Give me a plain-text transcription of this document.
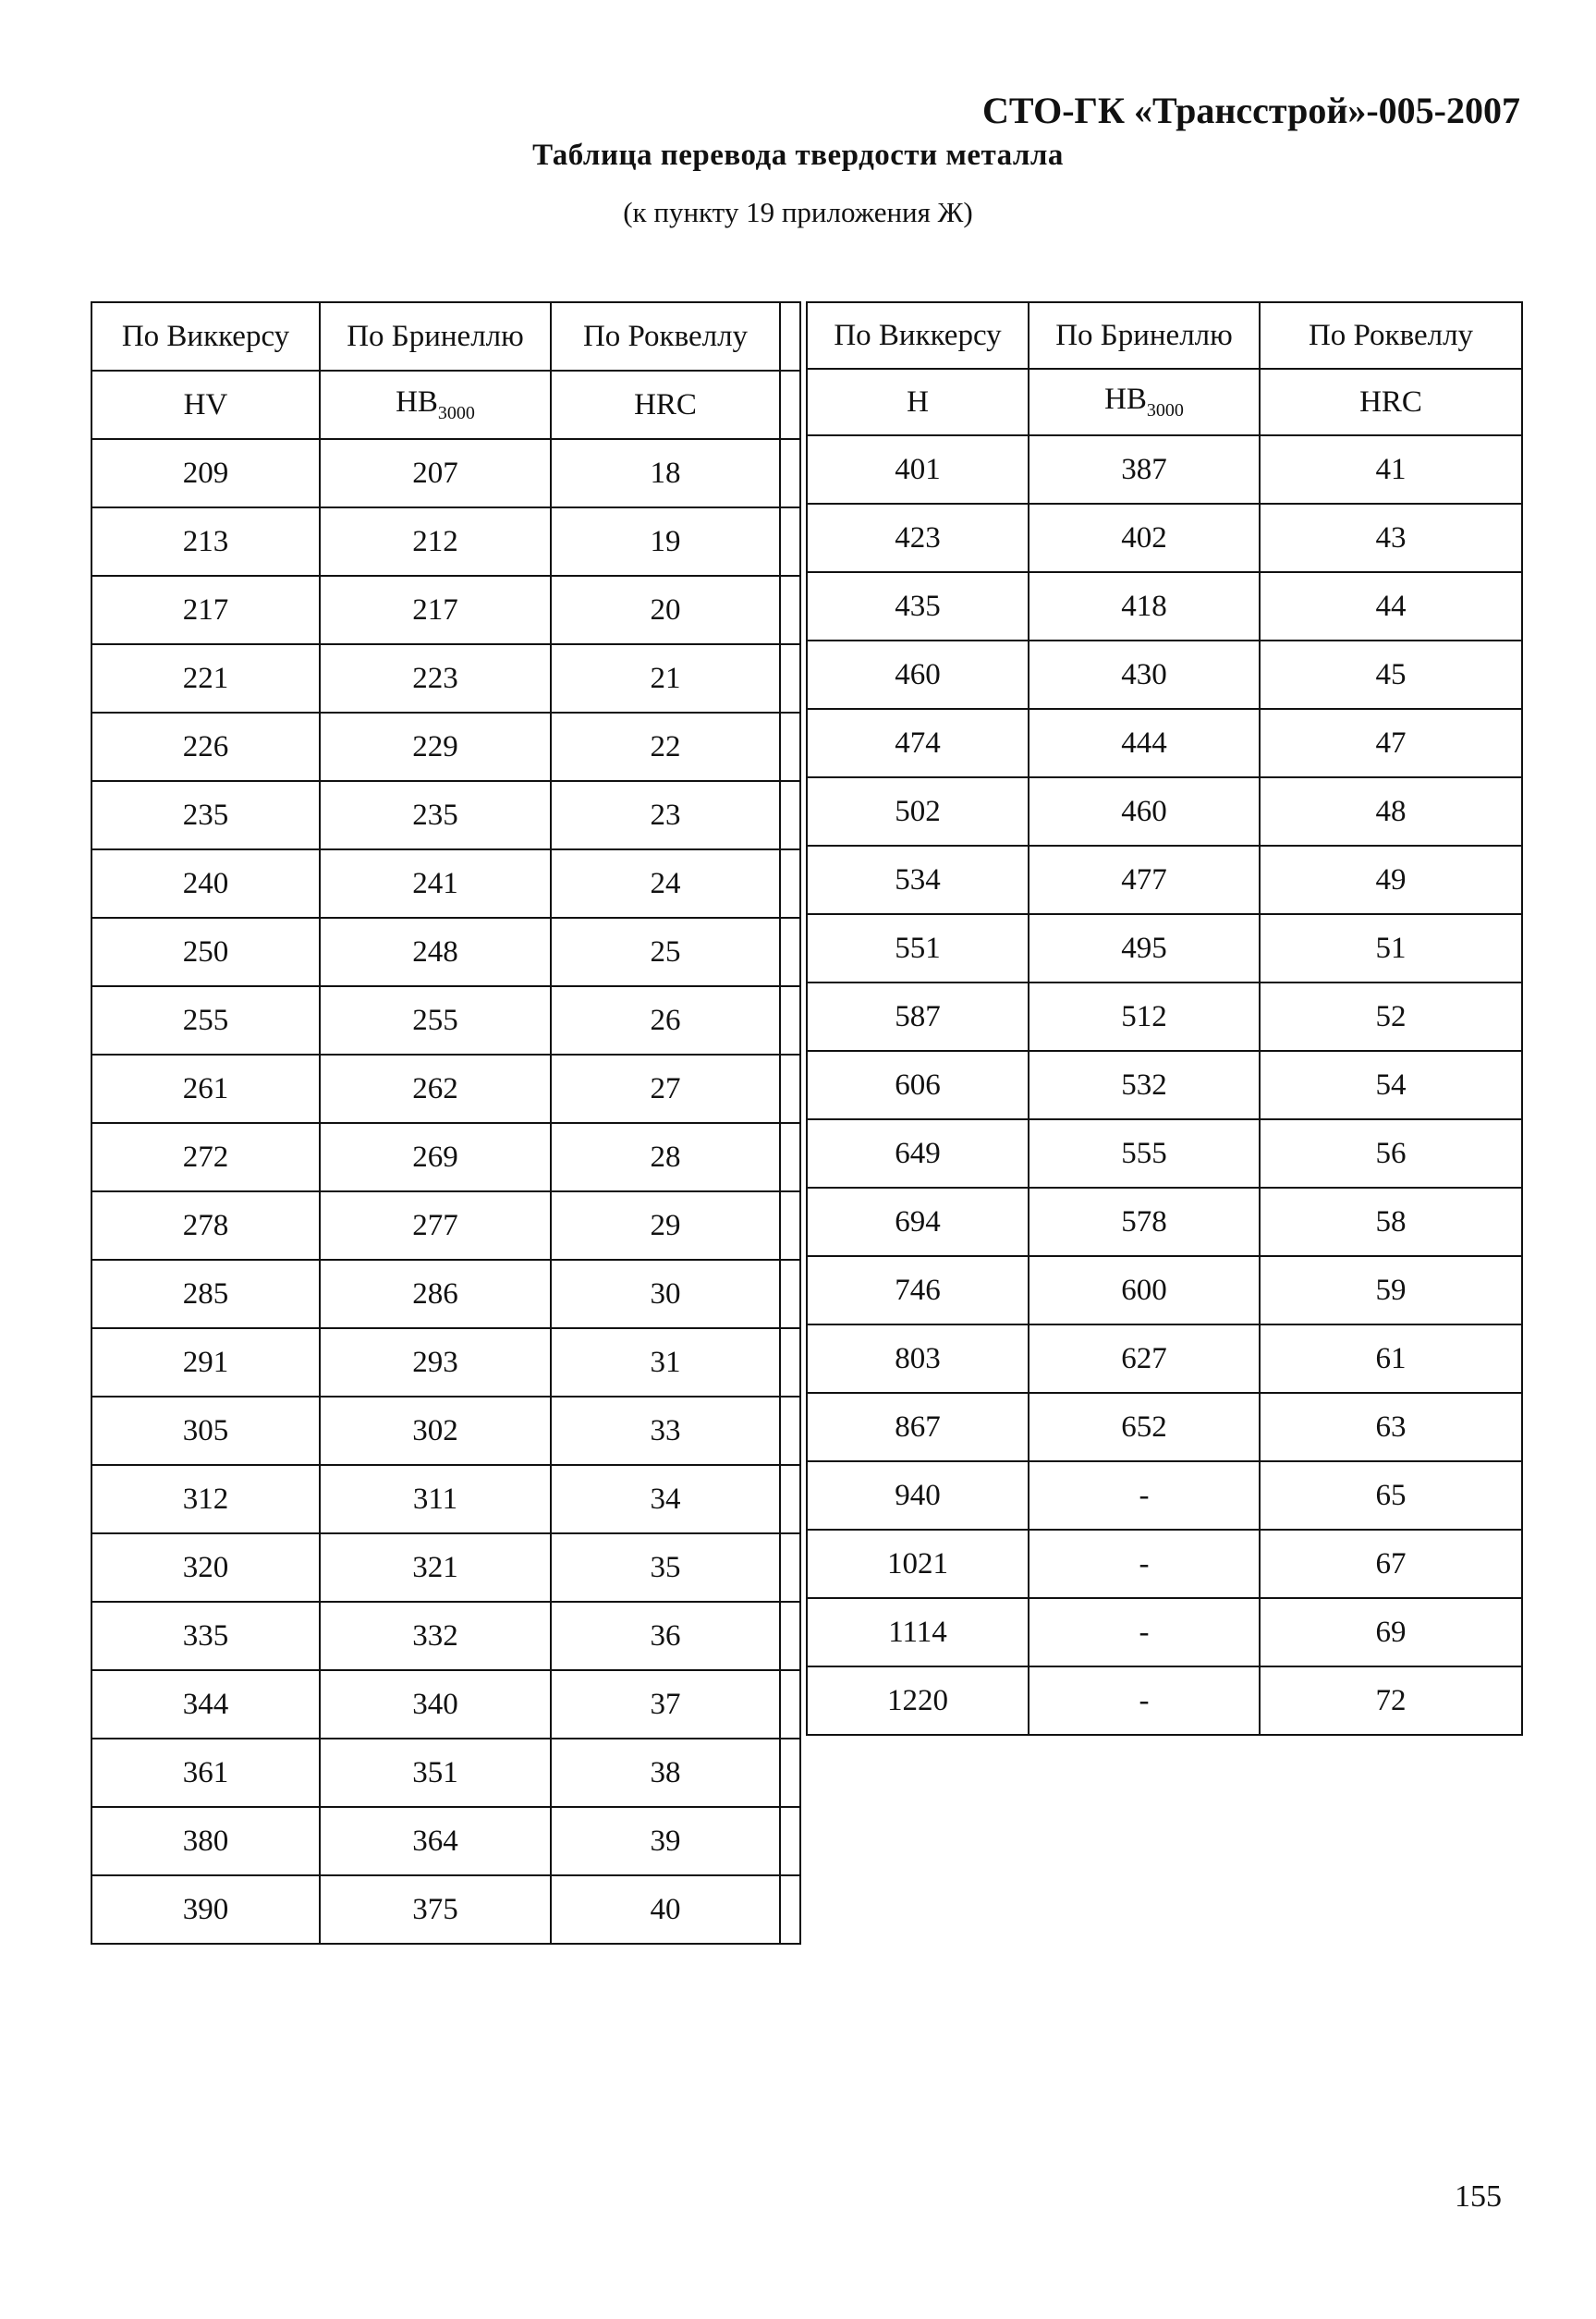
СТО-ГК «Трансстрой»-005-2007
Таблица перевода твердости металла
(к пункту 19 приложения Ж)
По Виккерсу	По Бринеллю	По Роквеллу	
HV	$HB_{3000}$	HRC	
209	207	18	
213	212	19	
217	217	20	
221	223	21	
226	229	22	
235	235	23	
240	241	24	
250	248	25	
255	255	26	
261	262	27	
272	269	28	
278	277	29	
285	286	30	
291	293	31	
305	302	33	
312	311	34	
320	321	35	
335	332	36	
344	340	37	
361	351	38	
380	364	39	
390	375	40	
По Виккерсу	По Бринеллю	По Роквеллу
H	$HB_{3000}$	HRC
401	387	41
423	402	43
435	418	44
460	430	45
474	444	47
502	460	48
534	477	49
551	495	51
587	512	52
606	532	54
649	555	56
694	578	58
746	600	59
803	627	61
867	652	63
940	-	65
1021	-	67
1114	-	69
1220	-	72
155
